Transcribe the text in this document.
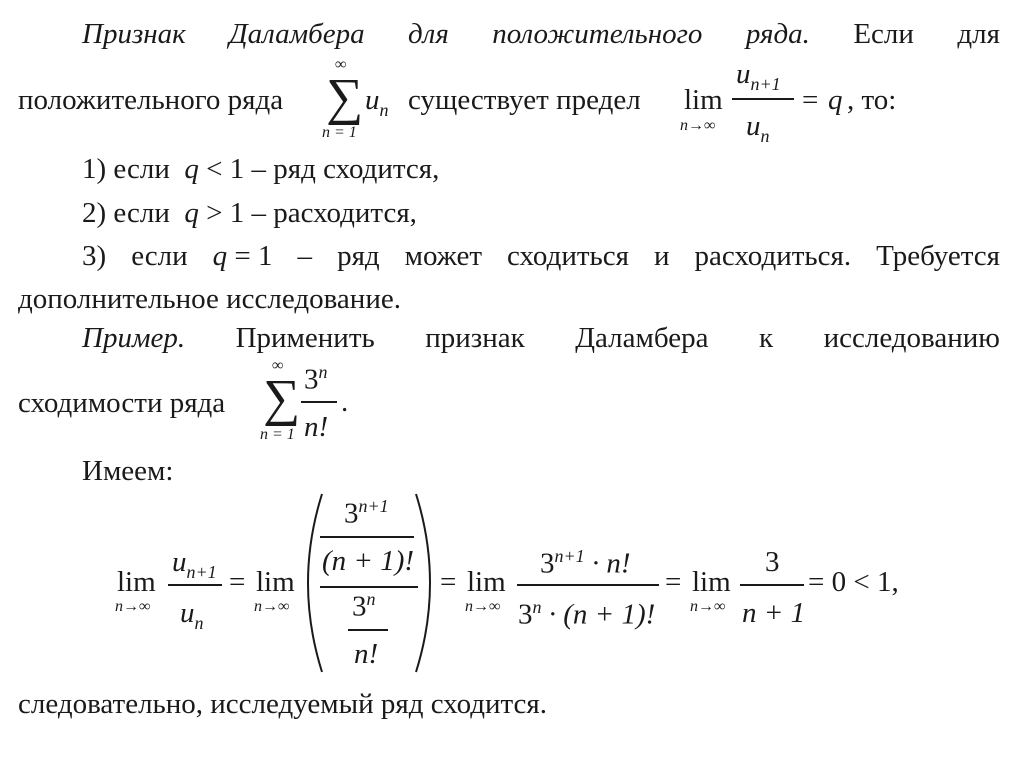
Признак Даламбера для положительного ряда. Если для
положительного ряда
∞
∑
n = 1
$u_n$ существует предел lim
n→∞
$u_{n+1}$
$u_n$
= q , то:
1) если q < 1 – ряд сходится,
2) если q > 1 – расходится,
3) если q = 1 – ряд может сходиться и расходиться. Требуется
дополнительное исследование.
Пример. Применить признак Даламбера к исследованию
сходимости ряда
∞
∑
n = 1
3$^n$
n!
.
Имеем:
lim
n→∞
$u_{n+1}$
$u_n$
= lim
n→∞
$3^{n+1}$
(n + 1)!
3$^n$
n!
= lim
n→∞
$3^{n+1} \cdot n$!
$3^n \cdot (n + 1)$!
= lim
n→∞
3
n + 1
= 0 < 1,
следовательно, исследуемый ряд сходится.
